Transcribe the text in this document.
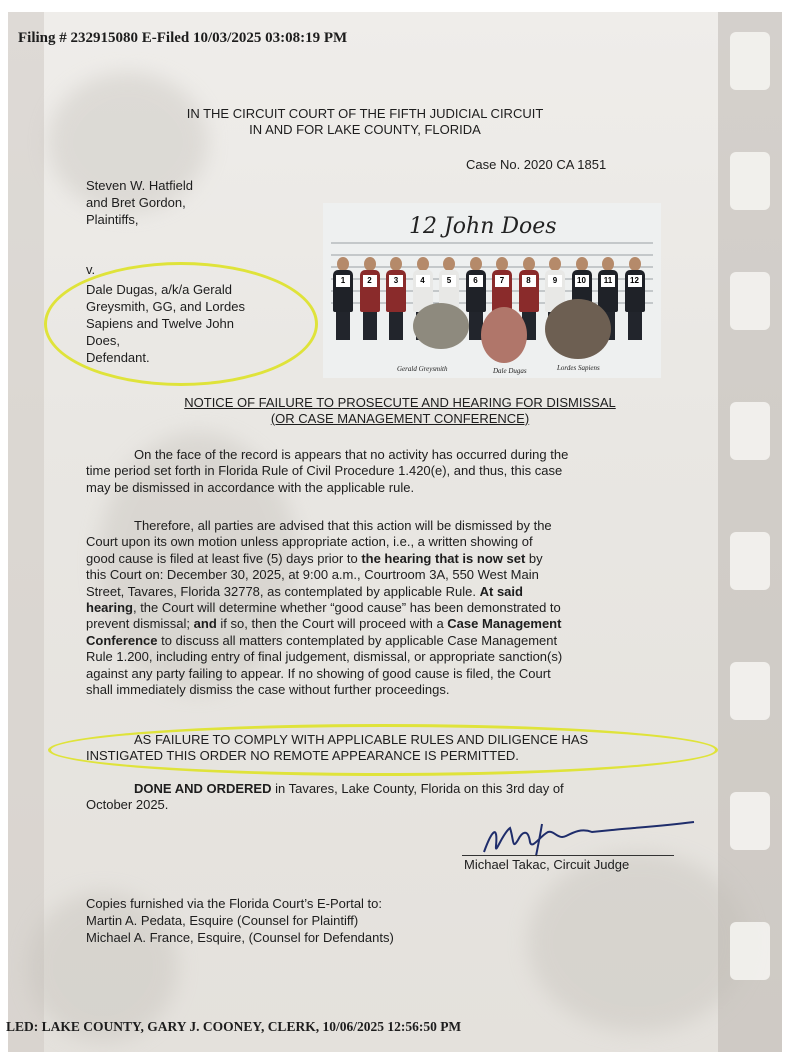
Filing # 232915080 E-Filed 10/03/2025 03:08:19 PM
IN THE CIRCUIT COURT OF THE FIFTH JUDICIAL CIRCUIT
IN AND FOR LAKE COUNTY, FLORIDA
Case No. 2020 CA 1851
Steven W. Hatfield
and Bret Gordon,
Plaintiffs,
v.
Dale Dugas, a/k/a Gerald
Greysmith, GG, and Lordes
Sapiens and Twelve John
Does,
Defendant.
12 John Does
1	2	3	4	5	6	7	8	9	10	11	12
Gerald Greysmith	Dale Dugas	Lordes Sapiens
NOTICE OF FAILURE TO PROSECUTE AND HEARING FOR DISMISSAL
(OR CASE MANAGEMENT CONFERENCE)
On the face of the record is appears that no activity has occurred during the
time period set forth in Florida Rule of Civil Procedure 1.420(e), and thus, this case
may be dismissed in accordance with the applicable rule.
Therefore, all parties are advised that this action will be dismissed by the
Court upon its own motion unless appropriate action, i.e., a written showing of
good cause is filed at least five (5) days prior to the hearing that is now set by
this Court on: December 30, 2025, at 9:00 a.m., Courtroom 3A, 550 West Main
Street, Tavares, Florida 32778, as contemplated by applicable Rule. At said
hearing, the Court will determine whether “good cause” has been demonstrated to
prevent dismissal; and if so, then the Court will proceed with a Case Management
Conference to discuss all matters contemplated by applicable Case Management
Rule 1.200, including entry of final judgement, dismissal, or appropriate sanction(s)
against any party failing to appear. If no showing of good cause is filed, the Court
shall immediately dismiss the case without further proceedings.
AS FAILURE TO COMPLY WITH APPLICABLE RULES AND DILIGENCE HAS
INSTIGATED THIS ORDER NO REMOTE APPEARANCE IS PERMITTED.
DONE AND ORDERED in Tavares, Lake County, Florida on this 3rd day of
October 2025.
Michael Takac, Circuit Judge
Copies furnished via the Florida Court’s E-Portal to:
Martin A. Pedata, Esquire (Counsel for Plaintiff)
Michael A. France, Esquire, (Counsel for Defendants)
LED: LAKE COUNTY, GARY J. COONEY, CLERK, 10/06/2025 12:56:50 PM
